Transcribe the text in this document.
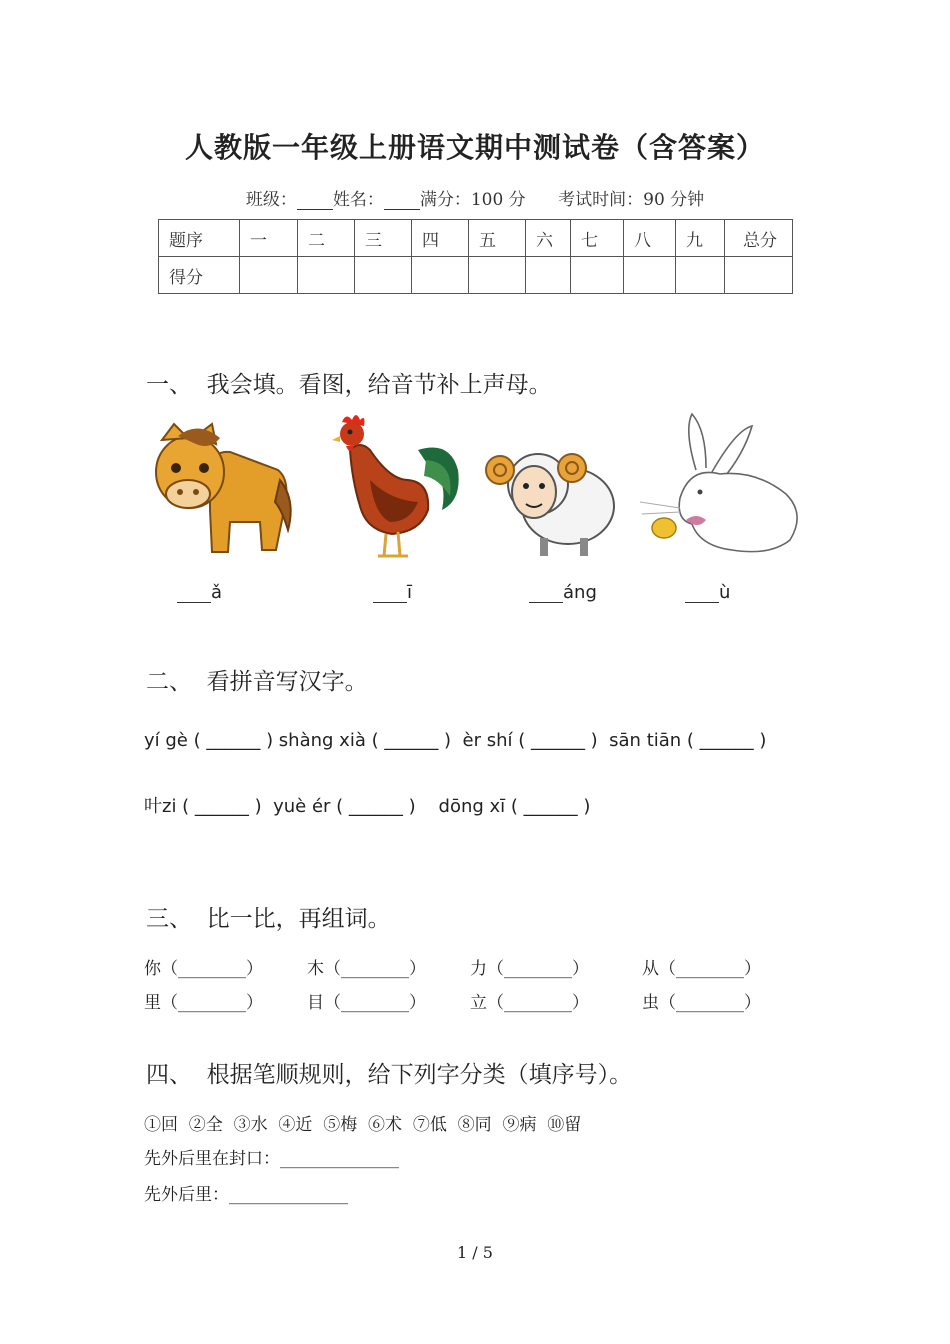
人教版一年级上册语文期中测试卷（含答案）
班级： 姓名： 满分：100 分 考试时间：90 分钟
题序	一	二	三	四	五	六	七	八	九	总分
得分										
一、 我会填。看图，给音节补上声母。
ǎ	ī	áng	ù
二、 看拼音写汉字。
yí gè ( ______ ) shàng xià ( ______ )  èr shí ( ______ )  sān tiān ( ______ )
叶zi ( ______ )  yuè ér ( ______ )    dōng xī ( ______ )
三、 比一比，再组词。
你（________）	木（________）	力（________）	从（________）
里（________）	目（________）	立（________）	虫（________）
四、 根据笔顺规则，给下列字分类（填序号）。
①回  ②全  ③水  ④近  ⑤梅  ⑥术  ⑦低  ⑧同  ⑨病  ⑩留
先外后里在封口：______________
先外后里：______________
1 / 5
